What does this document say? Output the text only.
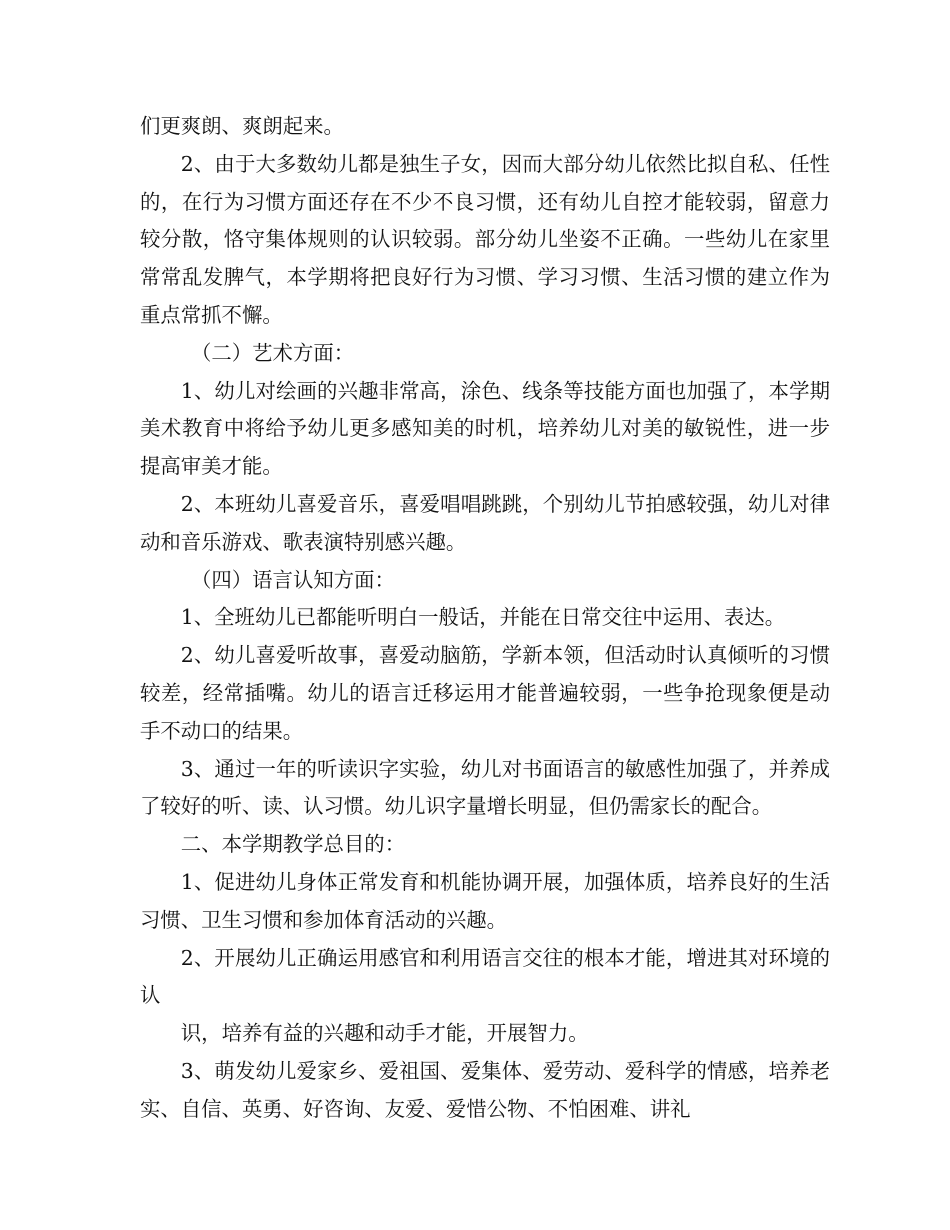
们更爽朗、爽朗起来。

2、由于大多数幼儿都是独生子女，因而大部分幼儿依然比拟自私、任性的，在行为习惯方面还存在不少不良习惯，还有幼儿自控才能较弱，留意力较分散，恪守集体规则的认识较弱。部分幼儿坐姿不正确。一些幼儿在家里常常乱发脾气，本学期将把良好行为习惯、学习习惯、生活习惯的建立作为重点常抓不懈。

（二）艺术方面：

1、幼儿对绘画的兴趣非常高，涂色、线条等技能方面也加强了，本学期美术教育中将给予幼儿更多感知美的时机，培养幼儿对美的敏锐性，进一步提高审美才能。

2、本班幼儿喜爱音乐，喜爱唱唱跳跳，个别幼儿节拍感较强，幼儿对律动和音乐游戏、歌表演特别感兴趣。

（四）语言认知方面：

1、全班幼儿已都能听明白一般话，并能在日常交往中运用、表达。

2、幼儿喜爱听故事，喜爱动脑筋，学新本领，但活动时认真倾听的习惯较差，经常插嘴。幼儿的语言迁移运用才能普遍较弱，一些争抢现象便是动手不动口的结果。

3、通过一年的听读识字实验，幼儿对书面语言的敏感性加强了，并养成了较好的听、读、认习惯。幼儿识字量增长明显，但仍需家长的配合。

二、本学期教学总目的：

1、促进幼儿身体正常发育和机能协调开展，加强体质，培养良好的生活习惯、卫生习惯和参加体育活动的兴趣。

2、开展幼儿正确运用感官和利用语言交往的根本才能，增进其对环境的认

识，培养有益的兴趣和动手才能，开展智力。

3、萌发幼儿爱家乡、爱祖国、爱集体、爱劳动、爱科学的情感，培养老实、自信、英勇、好咨询、友爱、爱惜公物、不怕困难、讲礼
